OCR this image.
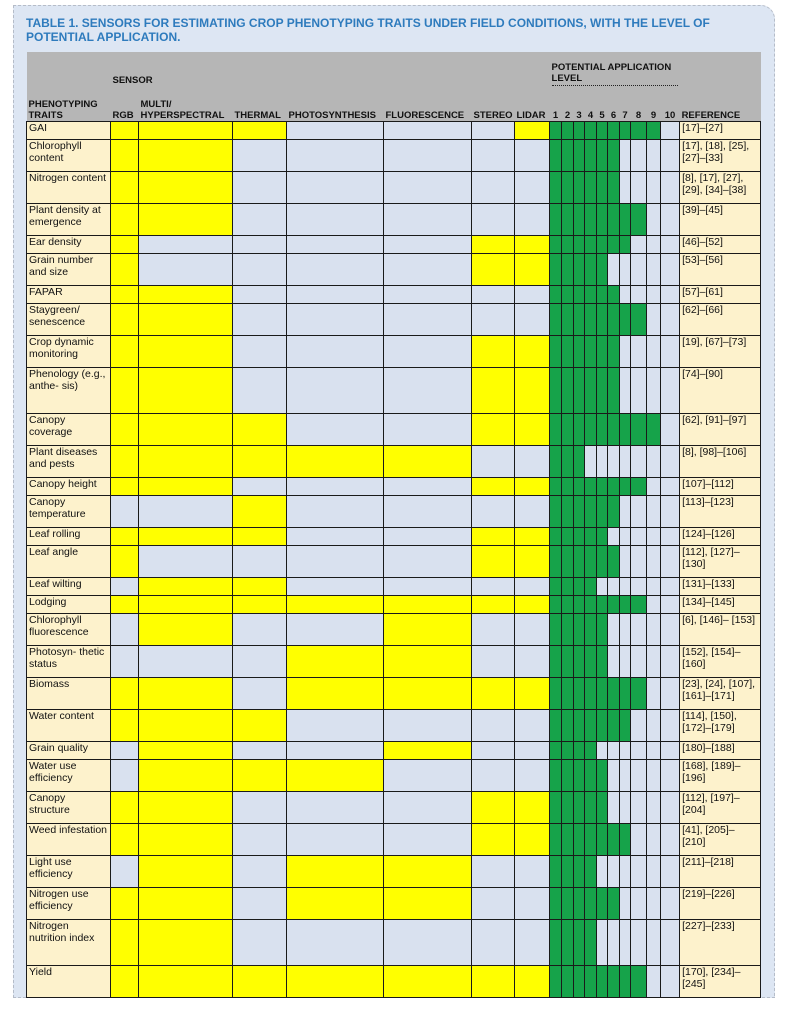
TABLE 1. SENSORS FOR ESTIMATING CROP PHENOTYPING TRAITS UNDER FIELD CONDITIONS, WITH THE LEVEL OF POTENTIAL APPLICATION.
	SENSOR							POTENTIAL APPLICATION LEVEL										
PHENOTYPING TRAITS	RGB	MULTI/ HYPERSPECTRAL	THERMAL	PHOTOSYNTHESIS	FLUORESCENCE	STEREO	LIDAR	1	2	3	4	5	6	7	8	9	10	REFERENCE
GAI																		[17]–[27]
Chlorophyll content																		[17], [18], [25], [27]–[33]
Nitrogen content																		[8], [17], [27], [29], [34]–[38]
Plant density at emergence																		[39]–[45]
Ear density																		[46]–[52]
Grain number and size																		[53]–[56]
FAPAR																		[57]–[61]
Staygreen/ senescence																		[62]–[66]
Crop dynamic monitoring																		[19], [67]–[73]
Phenology (e.g., anthe- sis)																		[74]–[90]
Canopy coverage																		[62], [91]–[97]
Plant diseases and pests																		[8], [98]–[106]
Canopy height																		[107]–[112]
Canopy temperature																		[113]–[123]
Leaf rolling																		[124]–[126]
Leaf angle																		[112], [127]–[130]
Leaf wilting																		[131]–[133]
Lodging																		[134]–[145]
Chlorophyll fluorescence																		[6], [146]– [153]
Photosyn- thetic status																		[152], [154]– [160]
Biomass																		[23], [24], [107], [161]–[171]
Water content																		[114], [150], [172]–[179]
Grain quality																		[180]–[188]
Water use efficiency																		[168], [189]– [196]
Canopy structure																		[112], [197]– [204]
Weed infestation																		[41], [205]– [210]
Light use efficiency																		[211]–[218]
Nitrogen use efficiency																		[219]–[226]
Nitrogen nutrition index																		[227]–[233]
Yield																		[170], [234]– [245]
